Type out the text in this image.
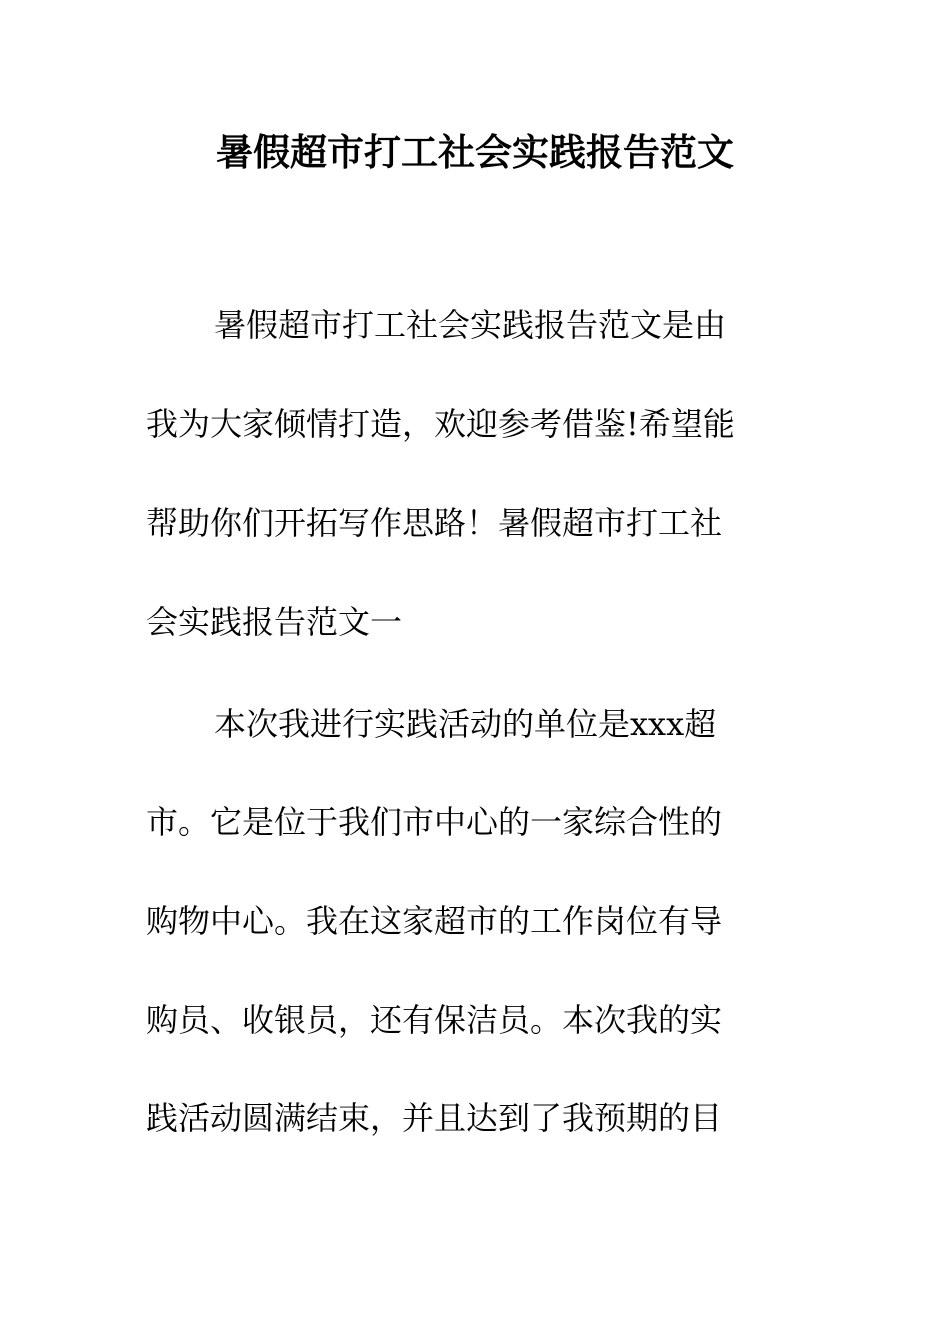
暑假超市打工社会实践报告范文
暑假超市打工社会实践报告范文是由
我为大家倾情打造，欢迎参考借鉴!希望能
帮助你们开拓写作思路！暑假超市打工社
会实践报告范文一
本次我进行实践活动的单位是xxx超
市。它是位于我们市中心的一家综合性的
购物中心。我在这家超市的工作岗位有导
购员、收银员，还有保洁员。本次我的实
践活动圆满结束，并且达到了我预期的目
